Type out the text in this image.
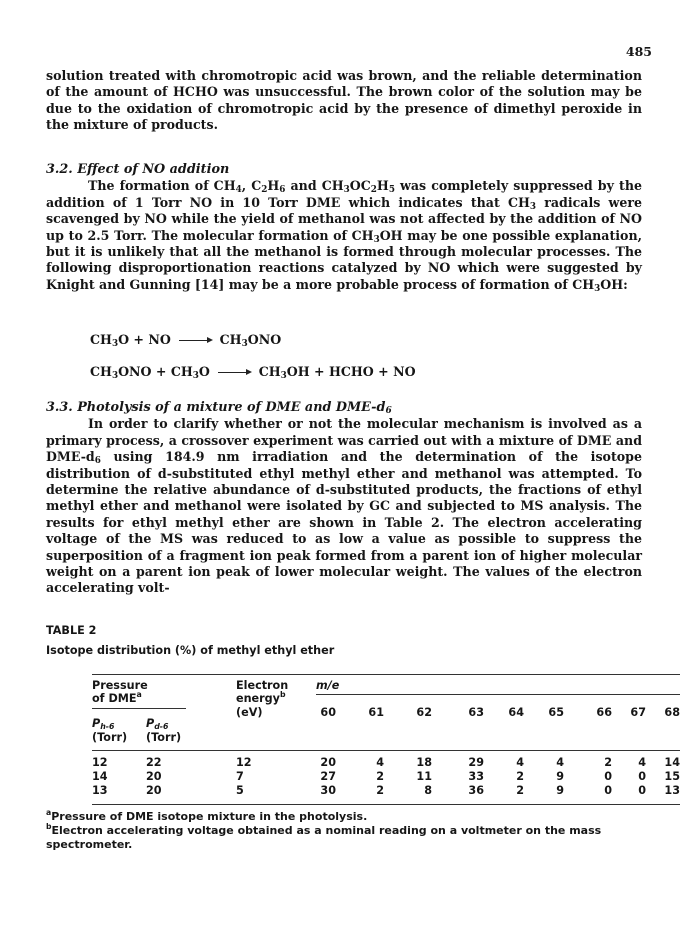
485

solution treated with chromotropic acid was brown, and the reliable determination of the amount of HCHO was unsuccessful. The brown color of the solution may be due to the oxidation of chromotropic acid by the presence of dimethyl peroxide in the mixture of products.

3.2. Effect of NO addition

The formation of $CH_4$, $C_2H_6$ and $CH_3OC_2H_5$ was completely suppressed by the addition of 1 Torr NO in 10 Torr DME which indicates that $CH_3$ radicals were scavenged by NO while the yield of methanol was not affected by the addition of NO up to 2.5 Torr. The molecular formation of $CH_3OH$ may be one possible explanation, but it is unlikely that all the methanol is formed through molecular processes. The following disproportionation reactions catalyzed by NO which were suggested by Knight and Gunning [14] may be a more probable process of formation of $CH_3OH$:

$CH_3O$ + NO	$CH_3ONO$
$CH_3ONO + CH_3O$	$CH_3OH$ + HCHO + NO

3.3. Photolysis of a mixture of DME and DME-$d_6$

In order to clarify whether or not the molecular mechanism is involved as a primary process, a crossover experiment was carried out with a mixture of DME and DME-$d_6$ using 184.9 nm irradiation and the determination of the isotope distribution of d-substituted ethyl methyl ether and methanol was attempted. To determine the relative abundance of d-substituted products, the fractions of ethyl methyl ether and methanol were isolated by GC and subjected to MS analysis. The results for ethyl methyl ether are shown in Table 2. The electron accelerating voltage of the MS was reduced to as low a value as possible to suppress the superposition of a fragment ion peak formed from a parent ion of higher molecular weight on a parent ion peak of lower molecular weight. The values of the electron accelerating volt-

TABLE 2
Isotope distribution (%) of methyl ethyl ether
Pressure
of DME$^a$
Electron
energy$^b$
(eV)
m/e
$P_{h-6}$	$P_{d-6}$
(Torr) (Torr)
60	61	62	63	64	65	66	67	68
12	22	12	20	4	18	29	4	4	2	4	14
14	20	7	27	2	11	33	2	9	0	0	15
13	20	5	30	2	8	36	2	9	0	0	13
$^a$Pressure of DME isotope mixture in the photolysis.
$^b$Electron accelerating voltage obtained as a nominal reading on a voltmeter on the mass spectrometer.
